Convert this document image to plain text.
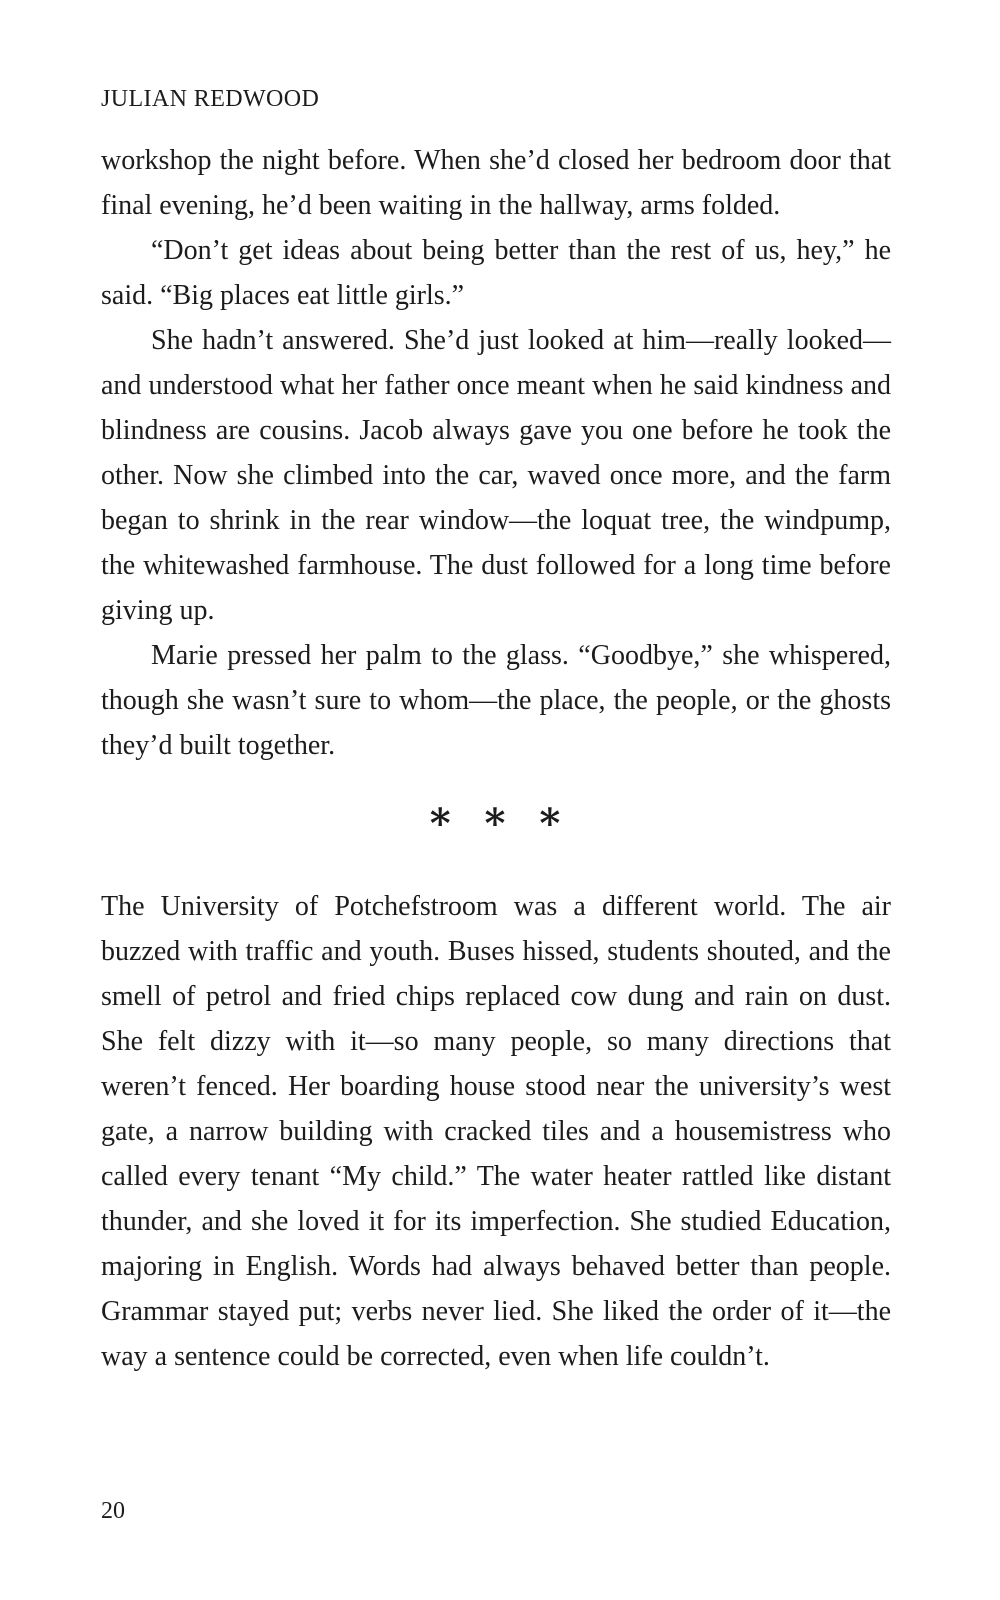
JULIAN REDWOOD

workshop the night before. When she’d closed her bedroom door that final evening, he’d been waiting in the hallway, arms folded.

“Don’t get ideas about being better than the rest of us, hey,” he said. “Big places eat little girls.”

She hadn’t answered. She’d just looked at him—really looked—and understood what her father once meant when he said kindness and blindness are cousins. Jacob always gave you one before he took the other. Now she climbed into the car, waved once more, and the farm began to shrink in the rear window—the loquat tree, the windpump, the whitewashed farmhouse. The dust followed for a long time before giving up.

Marie pressed her palm to the glass. “Goodbye,” she whispered, though she wasn’t sure to whom—the place, the people, or the ghosts they’d built together.

* * *

The University of Potchefstroom was a different world. The air buzzed with traffic and youth. Buses hissed, students shouted, and the smell of petrol and fried chips replaced cow dung and rain on dust. She felt dizzy with it—so many people, so many directions that weren’t fenced. Her boarding house stood near the university’s west gate, a narrow building with cracked tiles and a housemistress who called every tenant “My child.” The water heater rattled like distant thunder, and she loved it for its imperfection. She studied Education, majoring in English. Words had always behaved better than people. Grammar stayed put; verbs never lied. She liked the order of it—the way a sentence could be corrected, even when life couldn’t.

20
